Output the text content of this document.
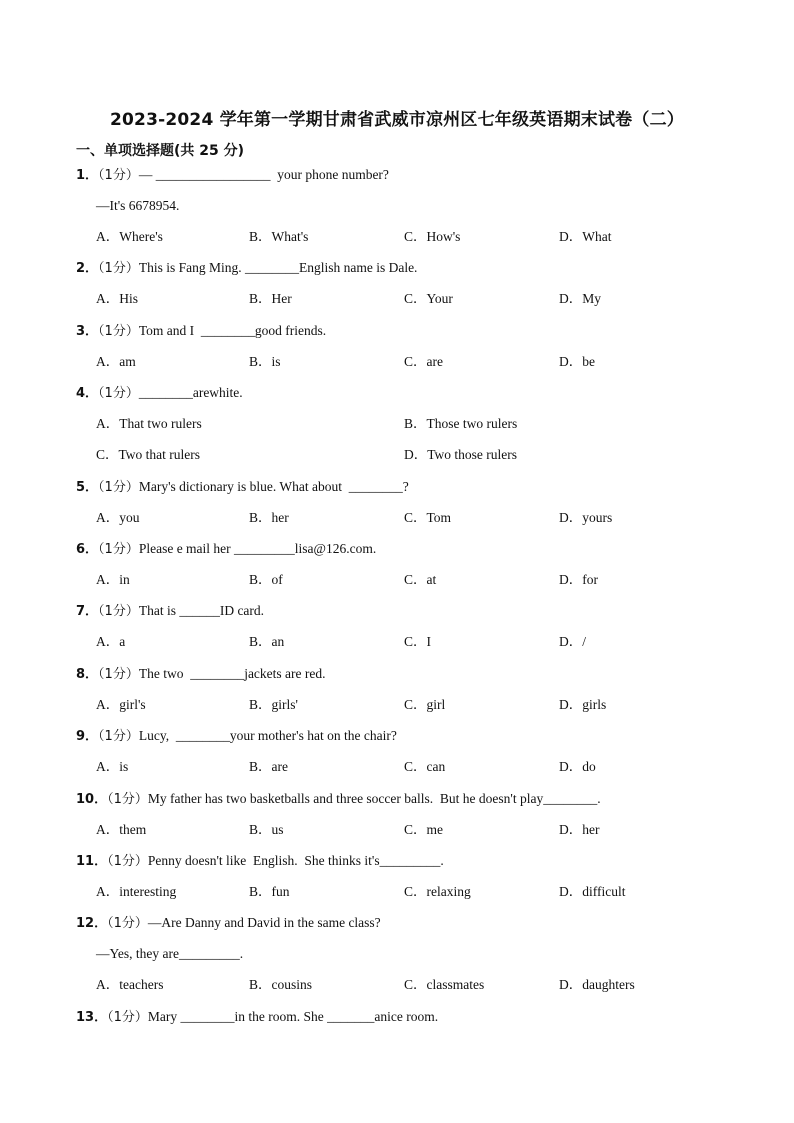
2023-2024 学年第一学期甘肃省武威市凉州区七年级英语期末试卷（二）
一、单项选择题(共 25 分)
1．（1分）— _________________  your phone number?
—It's 6678954.
A．Where's	B．What's	C．How's	D．What
2．（1分）This is Fang Ming. ________English name is Dale.
A．His	B．Her	C．Your	D．My
3．（1分）Tom and I  ________good friends.
A．am	B．is	C．are	D．be
4．（1分）________arewhite.
A．That two rulers	B．Those two rulers
C．Two that rulers	D．Two those rulers
5．（1分）Mary's dictionary is blue. What about  ________?
A．you	B．her	C．Tom	D．yours
6．（1分）Please e mail her _________lisa@126.com.
A．in	B．of	C．at	D．for
7．（1分）That is ______ID card.
A．a	B．an	C．I	D．/
8．（1分）The two  ________jackets are red.
A．girl's	B．girls'	C．girl	D．girls
9．（1分）Lucy,  ________your mother's hat on the chair?
A．is	B．are	C．can	D．do
10．（1分）My father has two basketballs and three soccer balls.  But he doesn't play________.
A．them	B．us	C．me	D．her
11．（1分）Penny doesn't like  English.  She thinks it's_________.
A．interesting	B．fun	C．relaxing	D．difficult
12．（1分）—Are Danny and David in the same class?
—Yes, they are_________.
A．teachers	B．cousins	C．classmates	D．daughters
13．（1分）Mary ________in the room. She _______anice room.
